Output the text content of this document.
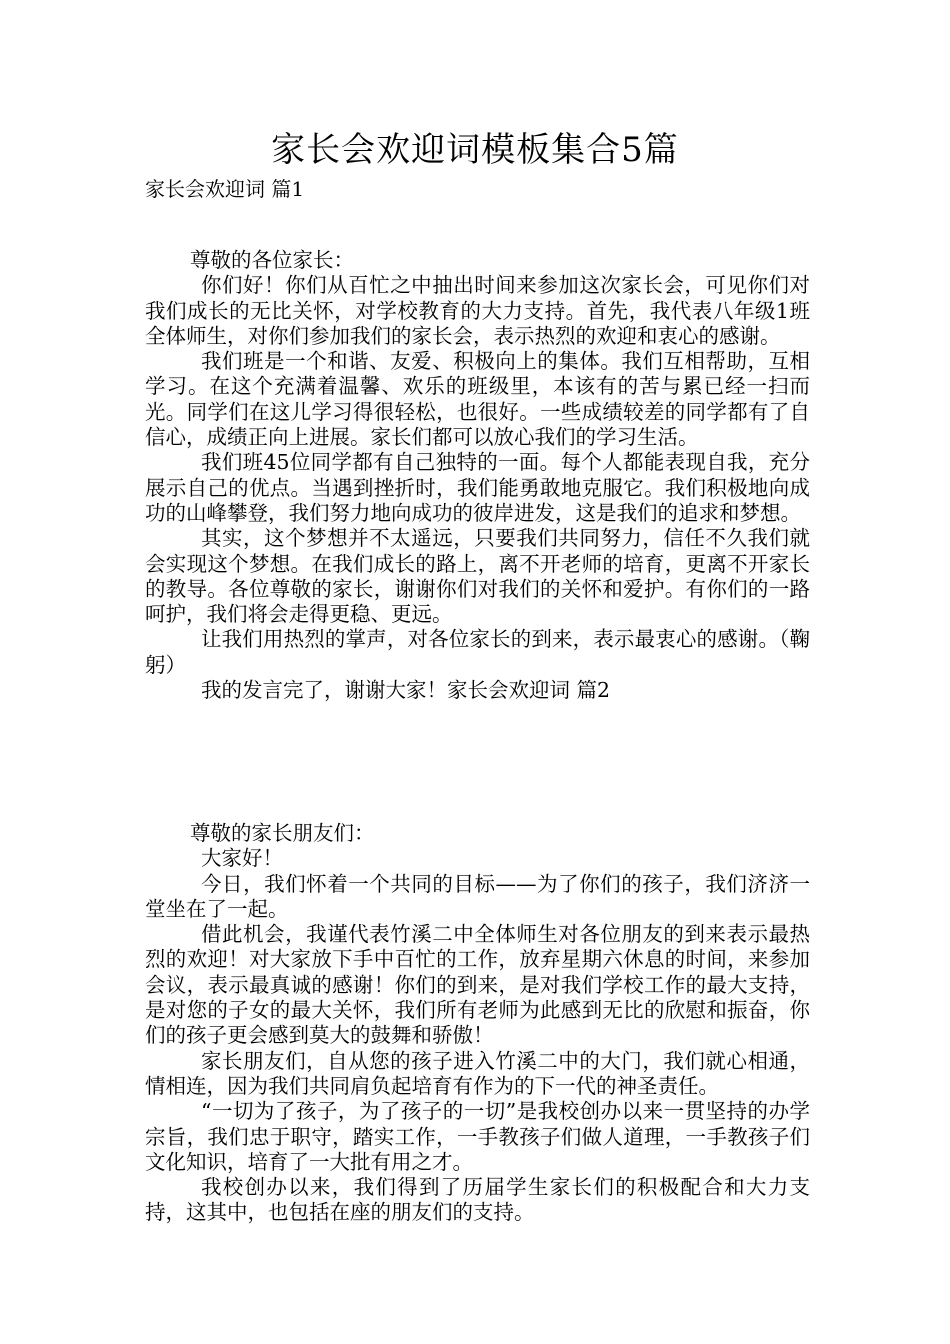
家长会欢迎词模板集合5篇
家长会欢迎词 篇1

尊敬的各位家长：

你们好！你们从百忙之中抽出时间来参加这次家长会，可见你们对我们成长的无比关怀，对学校教育的大力支持。首先，我代表八年级1班全体师生，对你们参加我们的家长会，表示热烈的欢迎和衷心的感谢。

我们班是一个和谐、友爱、积极向上的集体。我们互相帮助，互相学习。在这个充满着温馨、欢乐的班级里，本该有的苦与累已经一扫而光。同学们在这儿学习得很轻松，也很好。一些成绩较差的同学都有了自信心，成绩正向上进展。家长们都可以放心我们的学习生活。

我们班45位同学都有自己独特的一面。每个人都能表现自我，充分展示自己的优点。当遇到挫折时，我们能勇敢地克服它。我们积极地向成功的山峰攀登，我们努力地向成功的彼岸进发，这是我们的追求和梦想。

其实，这个梦想并不太遥远，只要我们共同努力，信任不久我们就会实现这个梦想。在我们成长的路上，离不开老师的培育，更离不开家长的教导。各位尊敬的家长，谢谢你们对我们的关怀和爱护。有你们的一路呵护，我们将会走得更稳、更远。

让我们用热烈的掌声，对各位家长的到来，表示最衷心的感谢。（鞠躬）

我的发言完了，谢谢大家！家长会欢迎词 篇2

尊敬的家长朋友们：

大家好！

今日，我们怀着一个共同的目标——为了你们的孩子，我们济济一堂坐在了一起。

借此机会，我谨代表竹溪二中全体师生对各位朋友的到来表示最热烈的欢迎！对大家放下手中百忙的工作，放弃星期六休息的时间，来参加会议，表示最真诚的感谢！你们的到来，是对我们学校工作的最大支持，是对您的子女的最大关怀，我们所有老师为此感到无比的欣慰和振奋，你们的孩子更会感到莫大的鼓舞和骄傲！

家长朋友们，自从您的孩子进入竹溪二中的大门，我们就心相通，情相连，因为我们共同肩负起培育有作为的下一代的神圣责任。

“一切为了孩子，为了孩子的一切”是我校创办以来一贯坚持的办学宗旨，我们忠于职守，踏实工作，一手教孩子们做人道理，一手教孩子们文化知识，培育了一大批有用之才。

我校创办以来，我们得到了历届学生家长们的积极配合和大力支持，这其中，也包括在座的朋友们的支持。
